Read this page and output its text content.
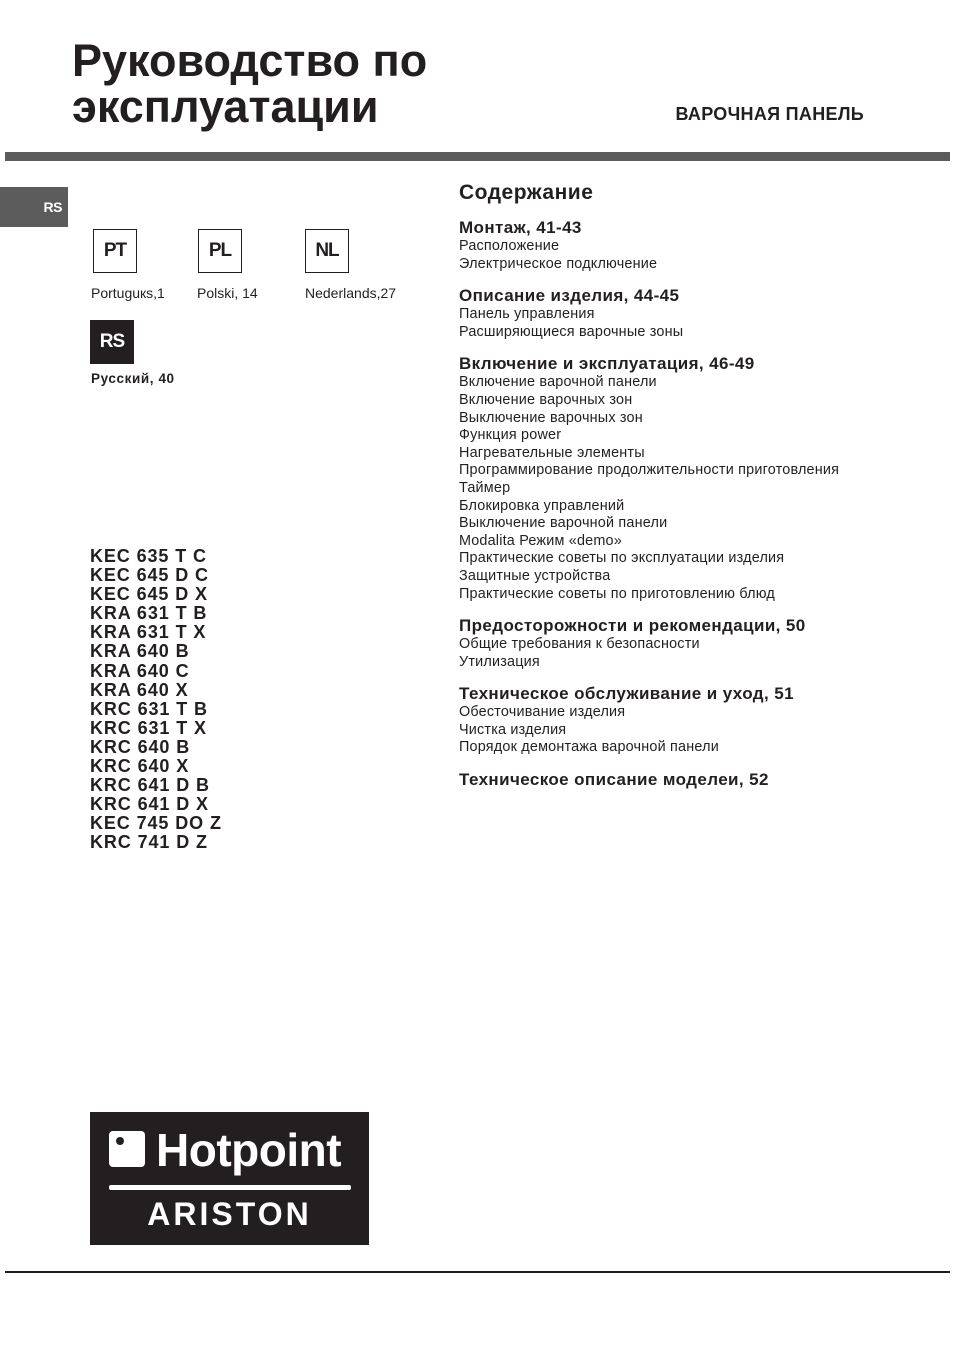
Руководство по эксплуатации	ВАРОЧНАЯ ПАНЕЛЬ
RS
PT
Portuguкs,1
PL
Polski, 14
NL
Nederlands,27
RS
Русский, 40
KEC 635 T C
KEC 645 D C
KEC 645 D X
KRA 631 T B
KRA 631 T X
KRA 640 B
KRA 640 C
KRA 640 X
KRC 631 T B
KRC 631 T X
KRC 640 B
KRC 640 X
KRC 641 D B
KRC 641 D X
KEC 745 DO Z
KRC 741 D Z
Содержание
Монтаж, 41-43
Расположение
Электрическое подключение
Описание изделия, 44-45
Панель управления
Расширяющиеся варочные зоны
Включение и эксплуатация, 46-49
Включение варочной панели
Включение варочных зон
Выключение варочных зон
Функция power
Нагревательные элементы
Программирование продолжительности приготовления
Таймер
Блокировка управлений
Выключение варочной панели
Modalita Режим «demo»
Практические советы по эксплуатации изделия
Защитные устройства
Практические советы по приготовлению блюд
Предосторожности и рекомендации, 50
Общие требования к безопасности
Утилизация
Техническое обслуживание и уход, 51
Обесточивание изделия
Чистка изделия
Порядок демонтажа варочной панели
Техническое описание моделеи, 52
Hotpoint
ARISTON
